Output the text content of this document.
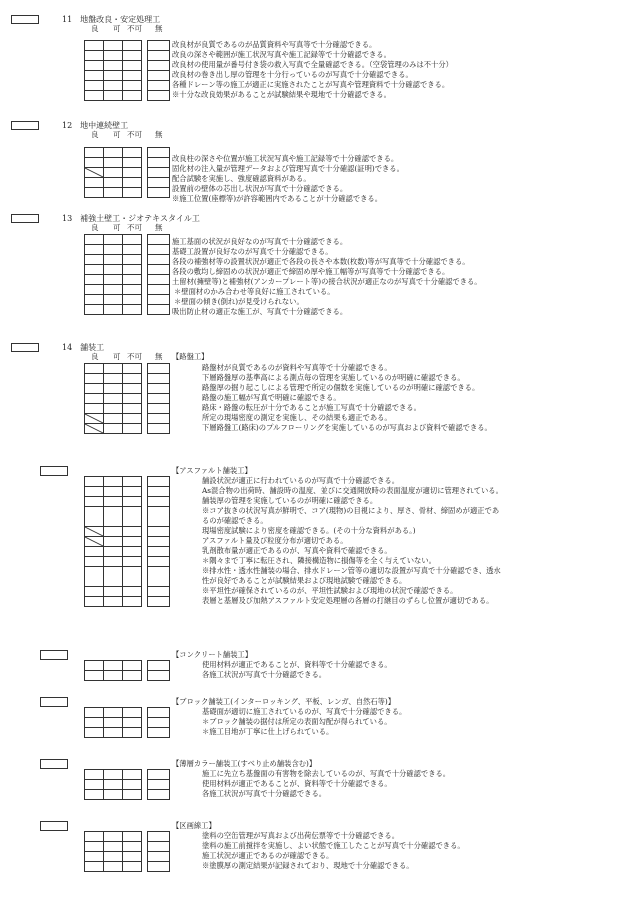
11　地盤改良・安定処理工
良 可 不可 無
改良材が良質であるのが品質資料や写真等で十分確認できる。
改良の深さや範囲が施工状況写真や施工記録等で十分確認できる。
改良材の使用量が番号付き袋の救入写真で全量確認できる。（空袋管理のみは不十分）
改良材の巻き出し厚の管理を十分行っているのが写真で十分確認できる。
各種ドレーン等の施工が適正に実施されたことが写真や管理資料で十分確認できる。
※十分な改良効果があることが試験結果や現地で十分確認できる。
12　地中連続壁工
良 可 不可 無
改良柱の深さや位置が施工状況写真や施工記録等で十分確認できる。
固化材の注入量が管理データおよび管理写真で十分確認(証明)できる。
配合試験を実施し、強度確認資料がある。
設置前の壁体の芯出し状況が写真で十分確認できる。
※施工位置(座標等)が許容範囲内であることが十分確認できる。
13　補強土壁工・ジオテキスタイル工
良 可 不可 無
施工基面の状況が良好なのが写真で十分確認できる。
基礎工設置が良好なのが写真で十分確認できる。
各段の補強材等の設置状況が適正で各段の長さや本数(枚数)等が写真等で十分確認できる。
各段の敷均し締固めの状況が適正で締固め厚や施工幅等が写真等で十分確認できる。
土留材(擁壁等)と補強材(アンカープレート等)の接合状況が適正なのが写真で十分確認できる。
＊壁面材のかみ合わせ等良好に施工されている。
＊壁面の傾き(倒れ)が見受けられない。
吸出防止材の適正な施工が、写真で十分確認できる。
14　舗装工
良 可 不可 無 【路盤工】
路盤材が良質であるのが資料や写真等で十分確認できる。
下層路盤厚の基準高による測点毎の管理を実施しているのが明確に確認できる。
路盤厚の掘り起こしによる管理で所定の個数を実施しているのが明確に確認できる。
路盤の施工幅が写真で明確に確認できる。
路床・路盤の転圧が十分であることが施工写真で十分確認できる。
所定の現場密度の測定を実施し、その結果も適正である。
下層路盤工(路床)のプルフローリングを実施しているのが写真および資料で確認できる。
【アスファルト舗装工】
舗設状況が適正に行われているのが写真で十分確認できる。
As混合物の出荷時、舗設時の温度、並びに交通開放時の表面温度が適切に管理されている。
舗装厚の管理を実施しているのが明確に確認できる。
※コア抜きの状況写真が鮮明で、コア(現物)の目視により、厚さ、骨材、締固めが適正であ
るのが確認できる。
現場密度試験により密度を確認できる。(その十分な資料がある。)
アスファルト量及び粒度分布が適切である。
乳剤散布量が適正であるのが、写真や資料で確認できる。
＊隅々まで丁寧に転圧され、隣接構造物に損傷等を全く与えていない。
※排水性・透水性舗装の場合、排水ドレーン管等の適切な設置が写真で十分確認でき、透水
性が良好であることが試験結果および現地試験で確認できる。
※平坦性が確保されているのが、平坦性試験および現地の状況で確認できる。
表層と基層及び加熱アスファルト安定処理層の各層の打継目のずらし位置が適切である。
【コンクリート舗装工】
使用材料が適正であることが、資料等で十分確認できる。
各施工状況が写真で十分確認できる。
【ブロック舗装工(インターロッキング、平板、レンガ、自然石等)】
基礎面が適切に施工されているのが、写真で十分確認できる。
＊ブロック舗装の据付は所定の表面勾配が得られている。
＊施工目地が丁寧に仕上げられている。
【薄層カラー舗装工(すべり止め舗装含む)】
施工に先立ち基盤面の有害物を除去しているのが、写真で十分確認できる。
使用材料が適正であることが、資料等で十分確認できる。
各施工状況が写真で十分確認できる。
【区画線工】
塗料の空缶管理が写真および出荷伝票等で十分確認できる。
塗料の施工前撹拌を実施し、よい状態で施工したことが写真で十分確認できる。
施工状況が適正であるのが確認できる。
※塗膜厚の測定結果が記録されており、現地で十分確認できる。
